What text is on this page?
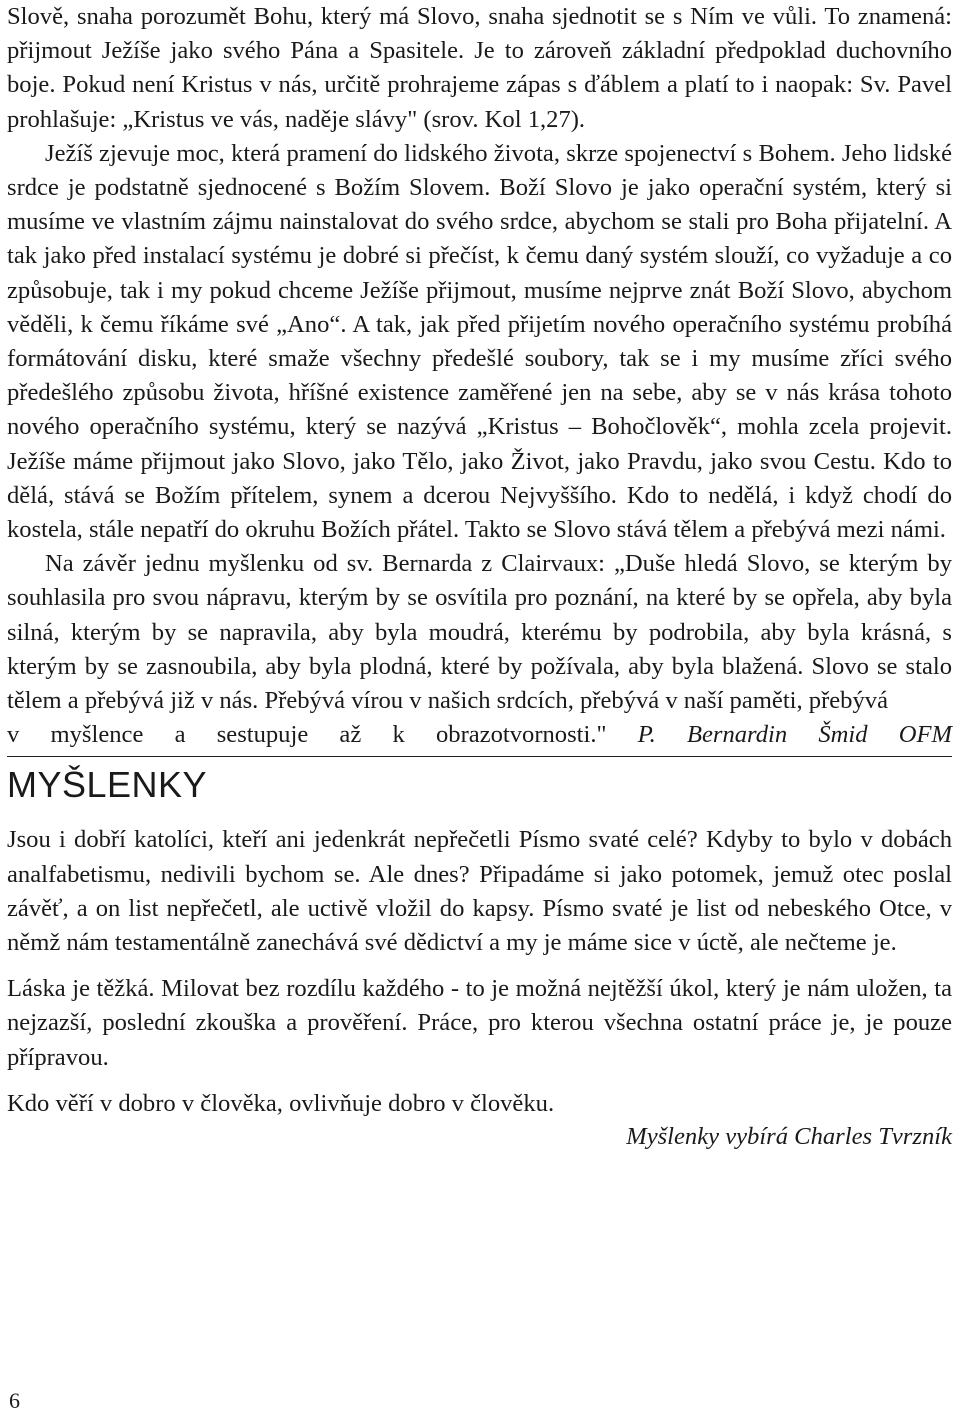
Slově, snaha porozumět Bohu, který má Slovo, snaha sjednotit se s Ním ve vůli. To znamená: přijmout Ježíše jako svého Pána a Spasitele. Je to zároveň základní předpoklad duchovního boje. Pokud není Kristus v nás, určitě prohrajeme zápas s ďáblem a platí to i naopak: Sv. Pavel prohlašuje: „Kristus ve vás, naděje slávy" (srov. Kol 1,27).

Ježíš zjevuje moc, která pramení do lidského života, skrze spojenectví s Bohem. Jeho lidské srdce je podstatně sjednocené s Božím Slovem. Boží Slovo je jako operační systém, který si musíme ve vlastním zájmu nainstalovat do svého srdce, abychom se stali pro Boha přijatelní. A tak jako před instalací systému je dobré si přečíst, k čemu daný systém slouží, co vyžaduje a co způsobuje, tak i my pokud chceme Ježíše přijmout, musíme nejprve znát Boží Slovo, abychom věděli, k čemu říkáme své „Ano“. A tak, jak před přijetím nového operačního systému probíhá formátování disku, které smaže všechny předešlé soubory, tak se i my musíme zříci svého předešlého způsobu života, hříšné existence zaměřené jen na sebe, aby se v nás krása tohoto nového operačního systému, který se nazývá „Kristus – Bohočlověk“, mohla zcela projevit. Ježíše máme přijmout jako Slovo, jako Tělo, jako Život, jako Pravdu, jako svou Cestu. Kdo to dělá, stává se Božím přítelem, synem a dcerou Nejvyššího. Kdo to nedělá, i když chodí do kostela, stále nepatří do okruhu Božích přátel. Takto se Slovo stává tělem a přebývá mezi námi.

Na závěr jednu myšlenku od sv. Bernarda z Clairvaux: „Duše hledá Slovo, se kterým by souhlasila pro svou nápravu, kterým by se osvítila pro poznání, na které by se opřela, aby byla silná, kterým by se napravila, aby byla moudrá, kterému by podrobila, aby byla krásná, s kterým by se zasnoubila, aby byla plodná, které by požívala, aby byla blažená. Slovo se stalo tělem a přebývá již v nás. Přebývá vírou v našich srdcích, přebývá v naší paměti, přebývá

v myšlence a sestupuje až k obrazotvornosti." P. Bernardin Šmid OFM

MYŠLENKY

Jsou i dobří katolíci, kteří ani jedenkrát nepřečetli Písmo svaté celé? Kdyby to bylo v dobách analfabetismu, nedivili bychom se. Ale dnes? Připadáme si jako potomek, jemuž otec poslal závěť, a on list nepřečetl, ale uctivě vložil do kapsy. Písmo svaté je list od nebeského Otce, v němž nám testamentálně zanechává své dědictví a my je máme sice v úctě, ale nečteme je.

Láska je těžká. Milovat bez rozdílu každého - to je možná nejtěžší úkol, který je nám uložen, ta nejzazší, poslední zkouška a prověření. Práce, pro kterou všechna ostatní práce je, je pouze přípravou.

Kdo věří v dobro v člověka, ovlivňuje dobro v člověku.

Myšlenky vybírá Charles Tvrzník

6
